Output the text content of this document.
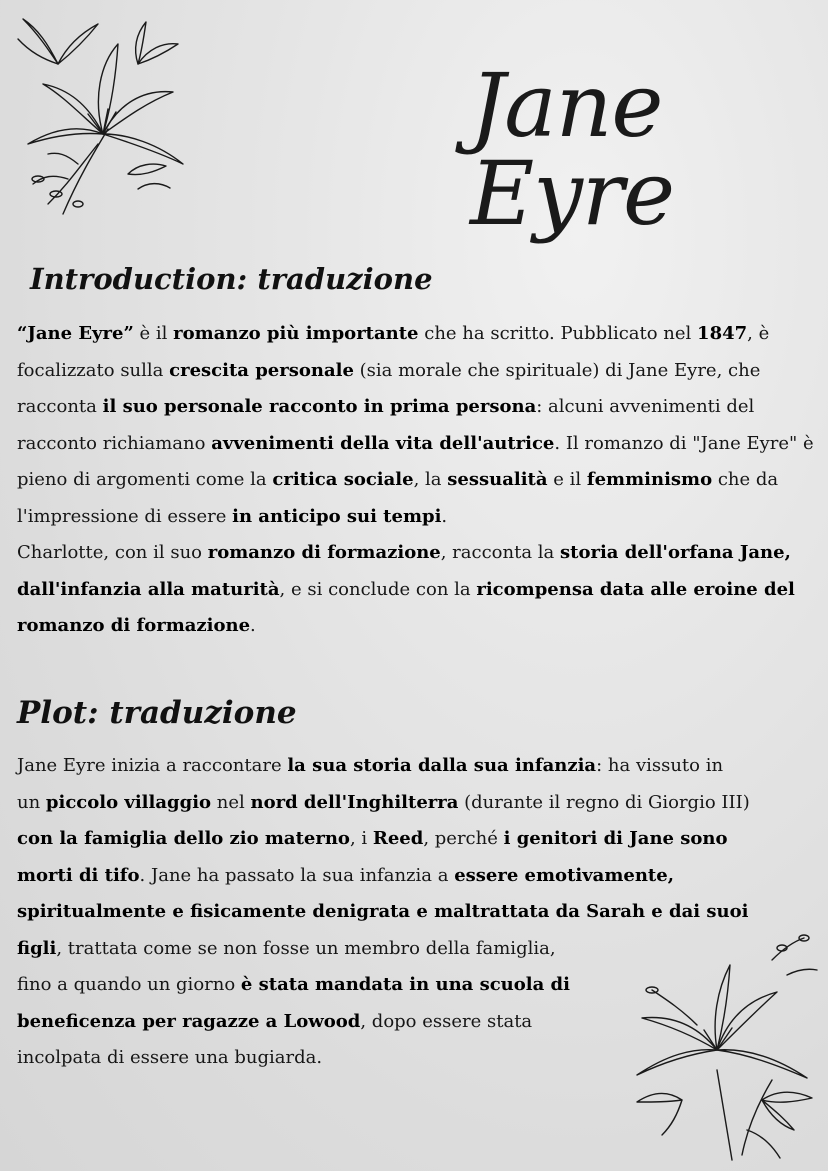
Jane Eyre
Introduction: traduzione

“Jane Eyre” è il romanzo più importante che ha scritto. Pubblicato nel 1847, è focalizzato sulla crescita personale (sia morale che spirituale) di Jane Eyre, che racconta il suo personale racconto in prima persona: alcuni avvenimenti del racconto richiamano avvenimenti della vita dell'autrice. Il romanzo di "Jane Eyre" è pieno di argomenti come la critica sociale, la sessualità e il femminismo che da l'impressione di essere in anticipo sui tempi.
Charlotte, con il suo romanzo di formazione, racconta la storia dell'orfana Jane, dall'infanzia alla maturità, e si conclude con la ricompensa data alle eroine del romanzo di formazione.

Plot: traduzione

Jane Eyre inizia a raccontare la sua storia dalla sua infanzia: ha vissuto in
un piccolo villaggio nel nord dell'Inghilterra (durante il regno di Giorgio III)
con la famiglia dello zio materno, i Reed, perché i genitori di Jane sono
morti di tifo. Jane ha passato la sua infanzia a essere emotivamente,
spiritualmente e fisicamente denigrata e maltrattata da Sarah e dai suoi
figli, trattata come se non fosse un membro della famiglia,
fino a quando un giorno è stata mandata in una scuola di
beneficenza per ragazze a Lowood, dopo essere stata
incolpata di essere una bugiarda.
